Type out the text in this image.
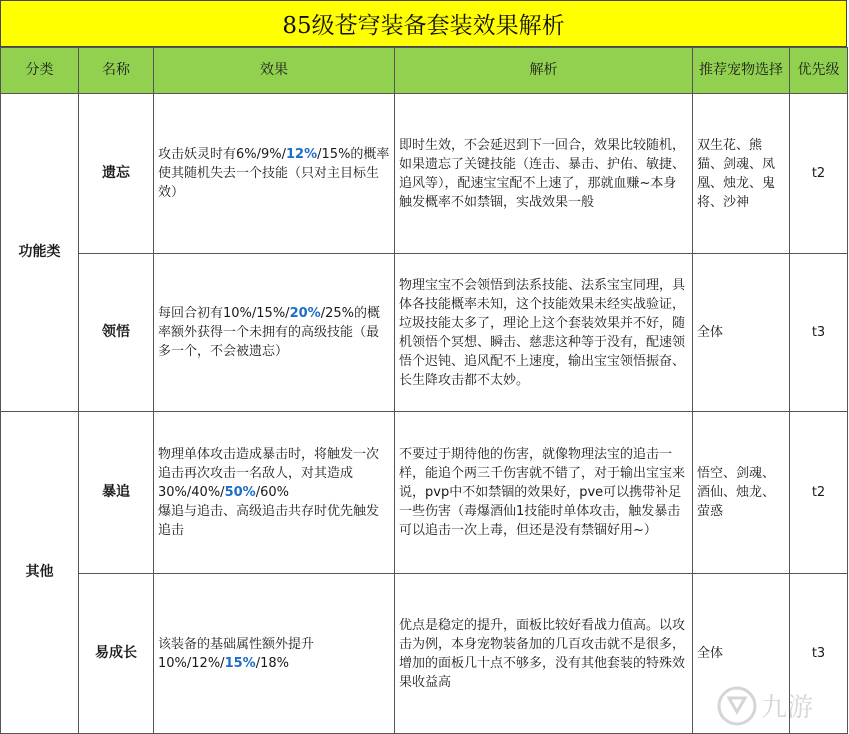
85级苍穹装备套装效果解析
分类	名称	效果	解析	推荐宠物选择	优先级
功能类	遗忘	攻击妖灵时有6%/9%/12%/15%的概率使其随机失去一个技能（只对主目标生效）	即时生效，不会延迟到下一回合，效果比较随机，如果遗忘了关键技能（连击、暴击、护佑、敏捷、追风等），配速宝宝配不上速了，那就血赚~本身触发概率不如禁锢，实战效果一般	双生花、熊猫、剑魂、凤凰、烛龙、鬼将、沙神	t2
	领悟	每回合初有10%/15%/20%/25%的概率额外获得一个未拥有的高级技能（最多一个，不会被遗忘）	物理宝宝不会领悟到法系技能、法系宝宝同理，具体各技能概率未知，这个技能效果未经实战验证，垃圾技能太多了，理论上这个套装效果并不好，随机领悟个冥想、瞬击、慈悲这种等于没有，配速领悟个迟钝、追风配不上速度，输出宝宝领悟振奋、长生降攻击都不太妙。	全体	t3
其他	暴追	物理单体攻击造成暴击时，将触发一次追击再次攻击一名敌人，对其造成30%/40%/50%/60%
爆追与追击、高级追击共存时优先触发追击	不要过于期待他的伤害，就像物理法宝的追击一样，能追个两三千伤害就不错了，对于输出宝宝来说，pvp中不如禁锢的效果好，pve可以携带补足一些伤害（毒爆酒仙1技能时单体攻击，触发暴击可以追击一次上毒，但还是没有禁锢好用~）	悟空、剑魂、酒仙、烛龙、萤惑	t2
	易成长	该装备的基础属性额外提升
10%/12%/15%/18%	优点是稳定的提升，面板比较好看战力值高。以攻击为例，本身宠物装备加的几百攻击就不是很多，增加的面板几十点不够多，没有其他套装的特殊效果收益高	全体	t3
九游
